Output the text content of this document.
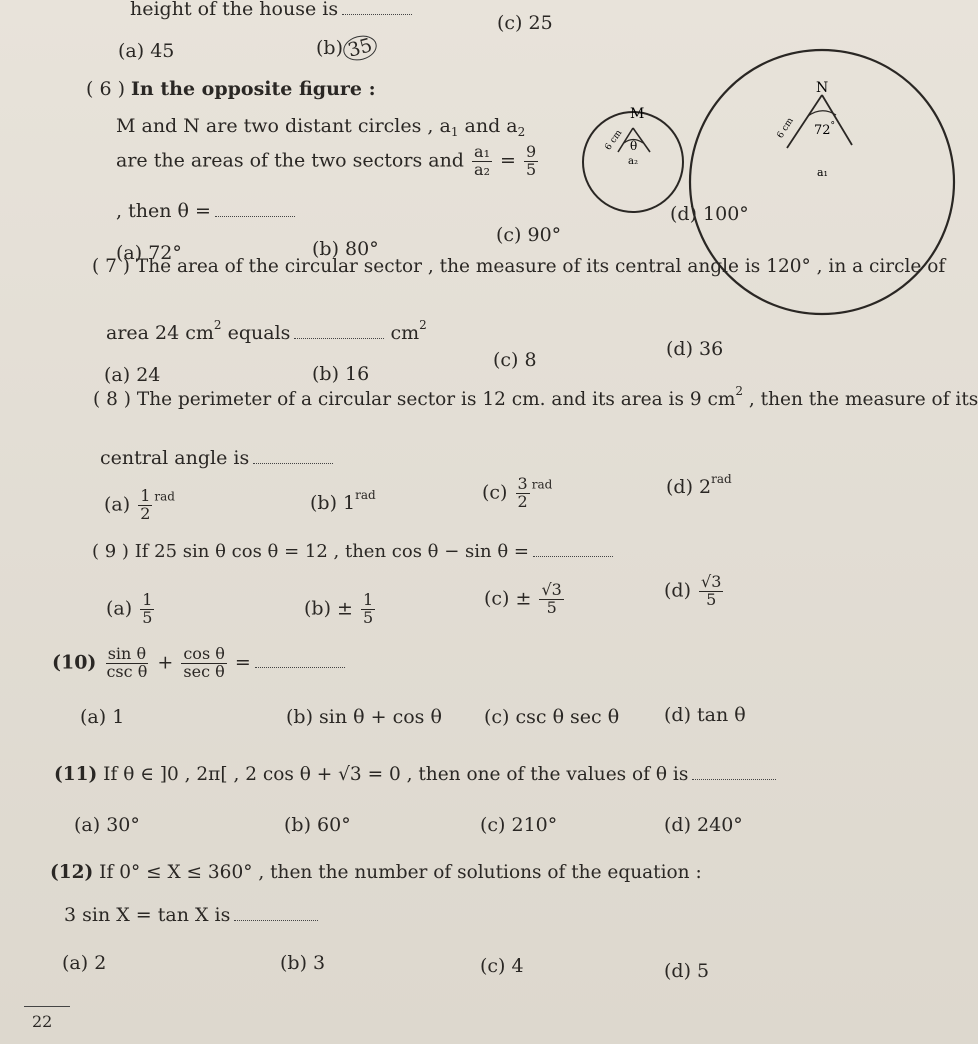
height of the house is
(a) 45	(b) 35
(c) 25
( 6 ) In the opposite figure :
M and N are two distant circles , $a_1$ and $a_2$
are the areas of the two sectors and $\frac{\text{a₁}}{\text{a₂}} = \frac{9}{5}$
, then θ =
(a) 72°	(b) 80°
(c) 90°
(d) 100°
M
θ
a₂
6 cm
N
72°
a₁
6 cm
( 7 ) The area of the circular sector , the measure of its central angle is 120° , in a circle of
area 24 $cm^2$ equals	$cm^2$
(a) 24	(b) 16
(c) 8	(d) 36
( 8 ) The perimeter of a circular sector is 12 cm. and its area is 9 $cm^2$ , then the measure of its
central angle is
$(a) \frac{1}{2} ^{rad}$	(b) $1^{rad}$	$(c) \frac{3}{2} ^{rad}$	(d) $2^{rad}$
( 9 ) If 25 sin θ cos θ = 12 , then cos θ − sin θ =
$(a) \frac{1}{5}$	$(b) \pm \frac{1}{5}$	$(c) \pm \frac{√3}{5}$	$(d) \frac{√3}{5}$
$(10) \frac{\text{sin θ}}{\text{csc θ}} + \frac{\text{cos θ}}{\text{sec θ}}$ =
(a) 1	(b) sin θ + cos θ (c) csc θ sec θ (d) tan θ
(11) If θ ∈ ]0 , 2π[ , 2 cos θ + √3 = 0 , then one of the values of θ is
(a) 30°	(b) 60°	(c) 210°	(d) 240°
(12) If 0° ≤ X ≤ 360° , then the number of solutions of the equation :
3 sin X = tan X is
(a) 2	(b) 3	(c) 4	(d) 5
22
